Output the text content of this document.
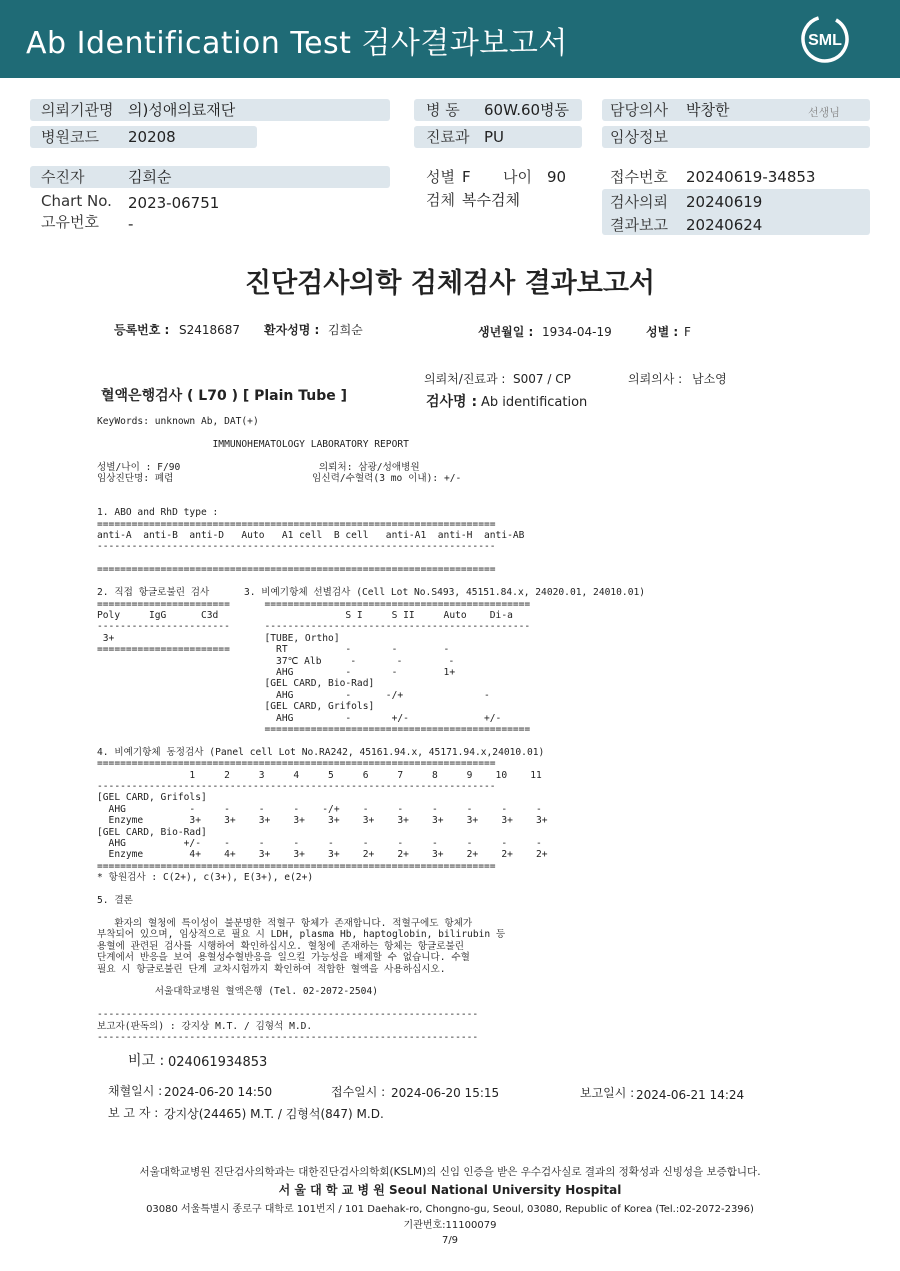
Ab Identification Test 검사결과보고서	SML
의뢰기관명 의)성애의료재단
병원코드 20208
병 동 60W.60병동
진료과 PU
담당의사 박창한	선생님
임상정보
수진자	김희순
Chart No. 2023-06751
고유번호 -
성별 F 나이 90
검체 복수검체
접수번호 20240619-34853
검사의뢰 20240619
결과보고 20240624
진단검사의학 검체검사 결과보고서
등록번호 : S2418687 환자성명 : 김희순	생년월일 : 1934-04-19	성별 : F
의뢰처/진료과 : S007 / CP	의뢰의사 : 남소영
혈액은행검사 ( L70 ) [ Plain Tube ]	검사명 : Ab identification
KeyWords: unknown Ab, DAT(+)

IMMUNOHEMATOLOGY LABORATORY REPORT

성별/나이 : F/90                        의뢰처: 삼광/성애병원
임상진단명: 폐렴                        임신력/수혈력(3 mo 이내): +/-

1. ABO and RhD type :
=====================================================================
anti-A  anti-B  anti-D   Auto   A1 cell  B cell   anti-A1  anti-H  anti-AB
---------------------------------------------------------------------

=====================================================================

2. 직접 항글로불린 검사      3. 비예기항체 선별검사 (Cell Lot No.S493, 45151.84.x, 24020.01, 24010.01)
=======================      ==============================================
Poly     IgG      C3d                      S I     S II     Auto    Di-a
-----------------------      ----------------------------------------------
3+                          [TUBE, Ortho]
=======================        RT          -       -        -
37℃ Alb     -       -        -
AHG         -       -        1+
[GEL CARD, Bio-Rad]
AHG         -      -/+              -
[GEL CARD, Grifols]
AHG         -       +/-             +/-
==============================================

4. 비예기항체 동정검사 (Panel cell Lot No.RA242, 45161.94.x, 45171.94.x,24010.01)
=====================================================================
1     2     3     4     5     6     7     8     9    10    11
---------------------------------------------------------------------
[GEL CARD, Grifols]
AHG           -     -     -     -    -/+    -     -     -     -     -     -
Enzyme        3+    3+    3+    3+    3+    3+    3+    3+    3+    3+    3+
[GEL CARD, Bio-Rad]
AHG          +/-    -     -     -     -     -     -     -     -     -     -
Enzyme        4+    4+    3+    3+    3+    2+    2+    3+    2+    2+    2+
=====================================================================
* 항원검사 : C(2+), c(3+), E(3+), e(2+)

5. 결론

환자의 혈청에 특이성이 불분명한 적혈구 항체가 존재합니다. 적혈구에도 항체가
부착되어 있으며, 임상적으로 필요 시 LDH, plasma Hb, haptoglobin, bilirubin 등
용혈에 관련된 검사를 시행하여 확인하십시오. 혈청에 존재하는 항체는 항글로불린
단계에서 반응을 보여 용혈성수혈반응을 일으킬 가능성을 배제할 수 없습니다. 수혈
필요 시 항글로불린 단계 교차시험까지 확인하여 적합한 혈액을 사용하십시오.

서울대학교병원 혈액은행 (Tel. 02-2072-2504)

------------------------------------------------------------------
보고자(판독의) : 강지상 M.T. / 김형석 M.D.
------------------------------------------------------------------
비고 : 024061934853
채혈일시 : 2024-06-20 14:50	접수일시 : 2024-06-20 15:15	보고일시 : 2024-06-21 14:24
보 고 자 : 강지상(24465) M.T. / 김형석(847) M.D.
서울대학교병원 진단검사의학과는 대한진단검사의학회(KSLM)의 신임 인증을 받은 우수검사실로 결과의 정확성과 신빙성을 보증합니다.
서 울 대 학 교 병 원 Seoul National University Hospital
03080 서울특별시 종로구 대학로 101번지 / 101 Daehak-ro, Chongno-gu, Seoul, 03080, Republic of Korea (Tel.:02-2072-2396)
기관번호:11100079
7/9
